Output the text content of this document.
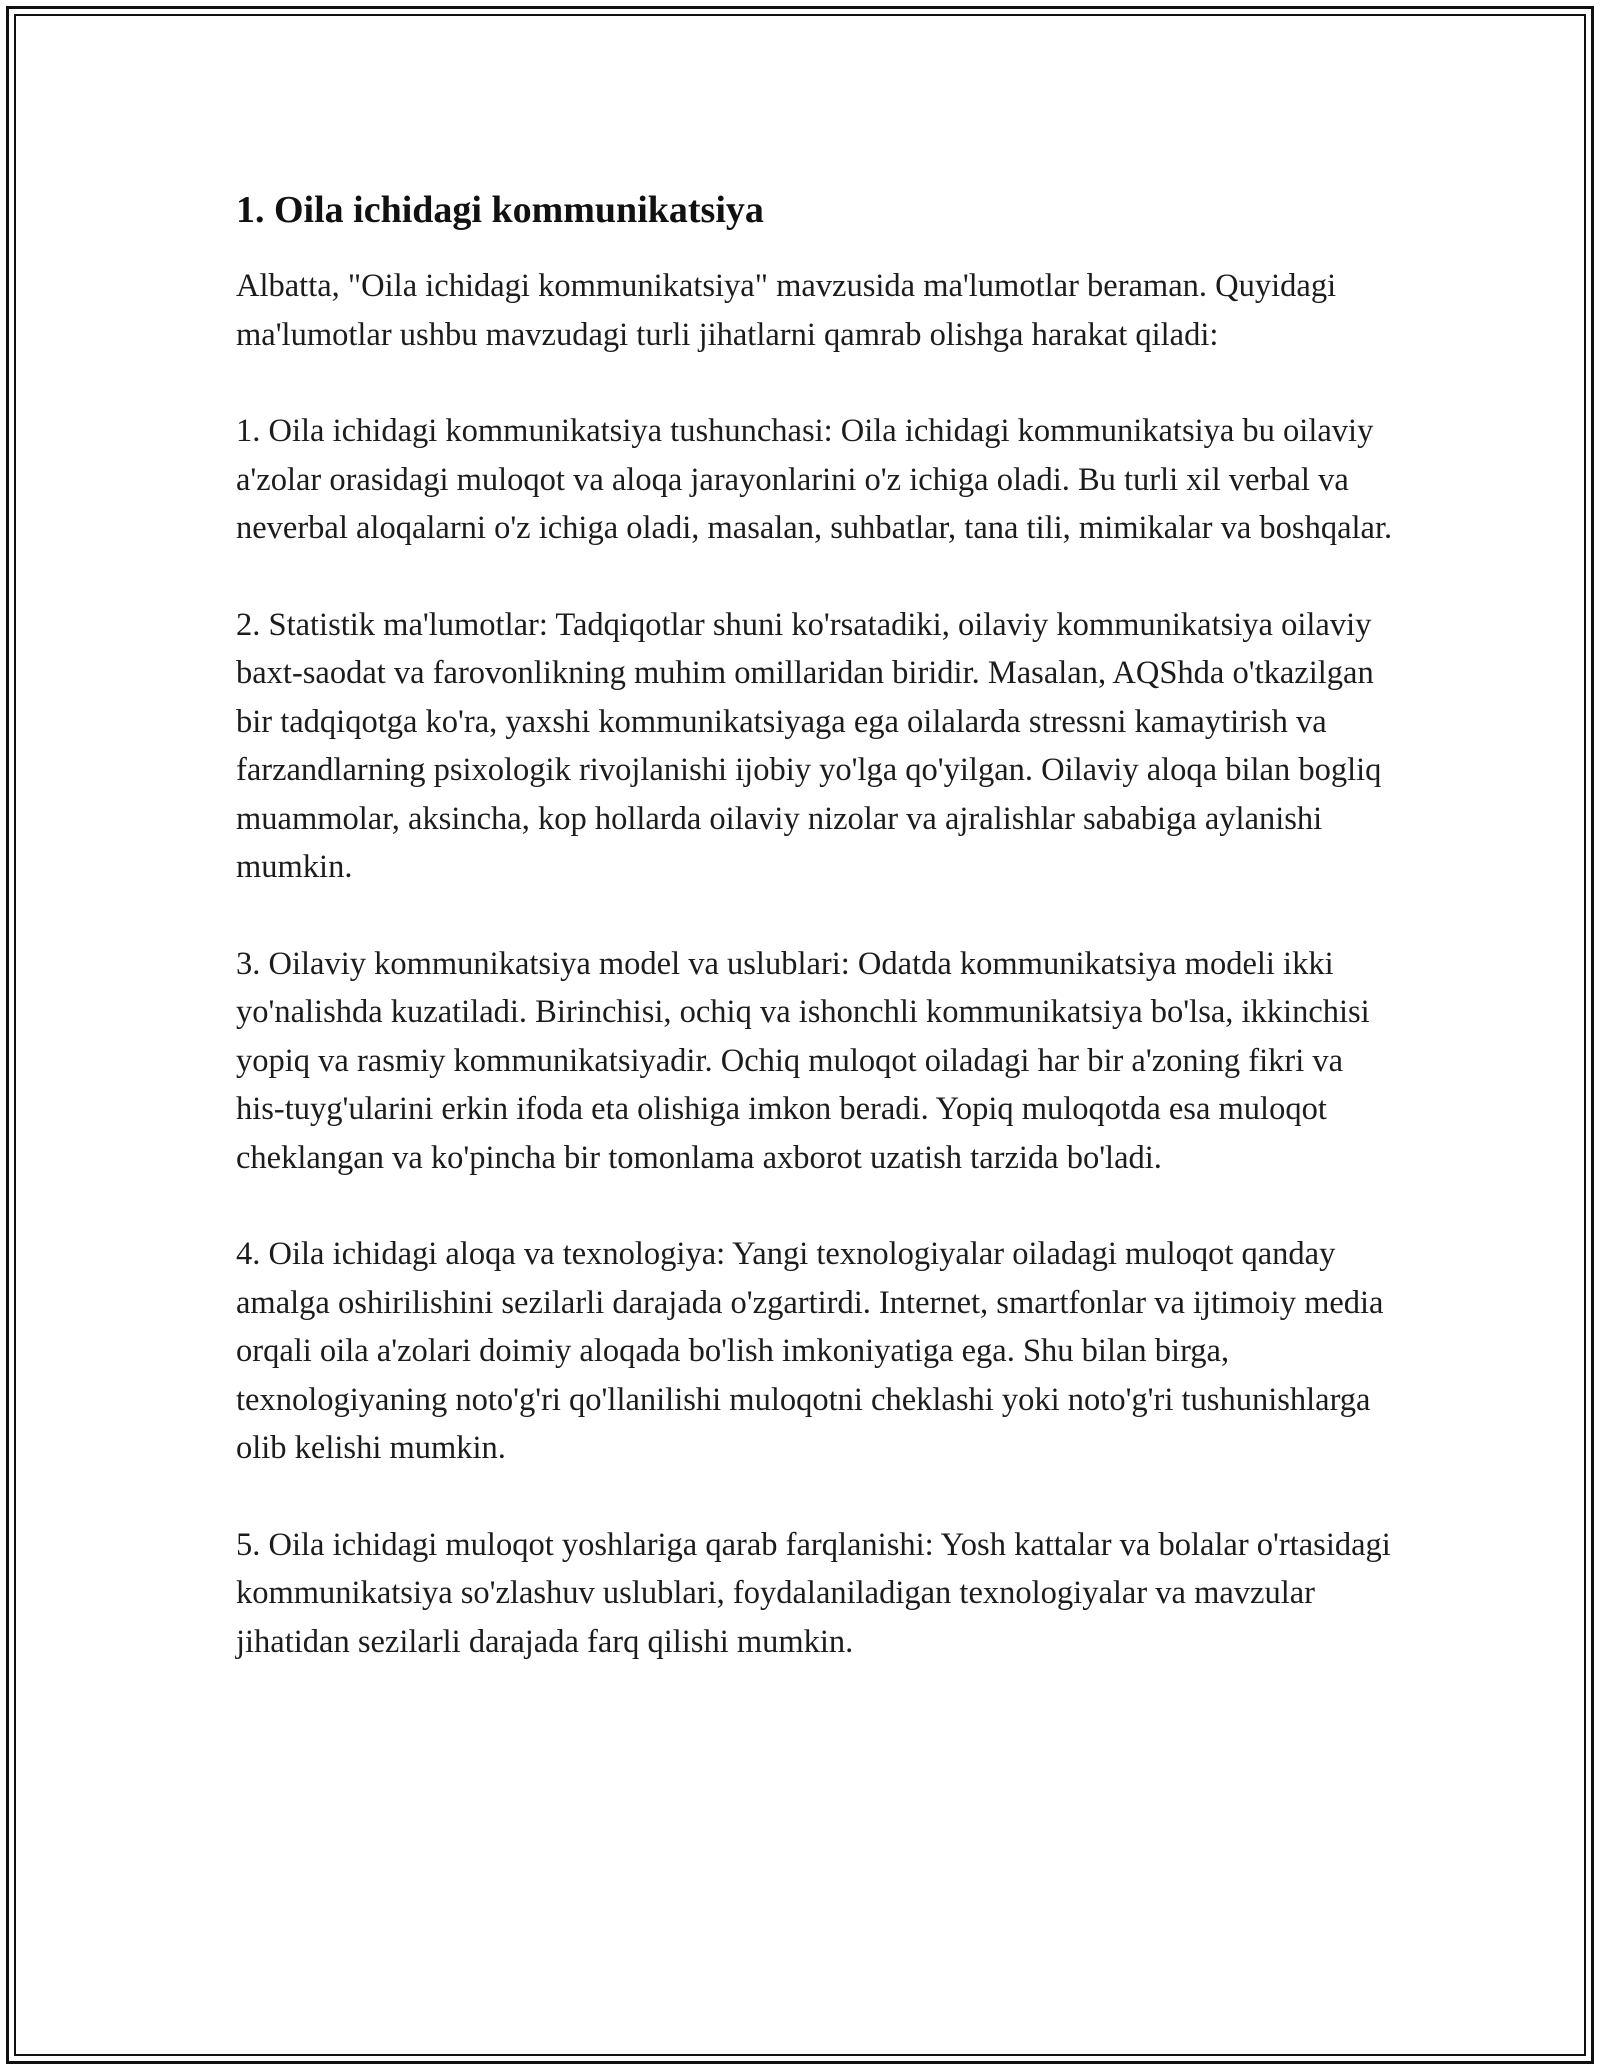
1. Oila ichidagi kommunikatsiya

Albatta, "Oila ichidagi kommunikatsiya" mavzusida ma'lumotlar beraman. Quyidagi ma'lumotlar ushbu mavzudagi turli jihatlarni qamrab olishga harakat qiladi:

1. Oila ichidagi kommunikatsiya tushunchasi: Oila ichidagi kommunikatsiya bu oilaviy a'zolar orasidagi muloqot va aloqa jarayonlarini o'z ichiga oladi. Bu turli xil verbal va neverbal aloqalarni o'z ichiga oladi, masalan, suhbatlar, tana tili, mimikalar va boshqalar.

2. Statistik ma'lumotlar: Tadqiqotlar shuni ko'rsatadiki, oilaviy kommunikatsiya oilaviy baxt-saodat va farovonlikning muhim omillaridan biridir. Masalan, AQShda o'tkazilgan bir tadqiqotga ko'ra, yaxshi kommunikatsiyaga ega oilalarda stressni kamaytirish va farzandlarning psixologik rivojlanishi ijobiy yo'lga qo'yilgan. Oilaviy aloqa bilan bogliq muammolar, aksincha, kop hollarda oilaviy nizolar va ajralishlar sababiga aylanishi mumkin.

3. Oilaviy kommunikatsiya model va uslublari: Odatda kommunikatsiya modeli ikki yo'nalishda kuzatiladi. Birinchisi, ochiq va ishonchli kommunikatsiya bo'lsa, ikkinchisi yopiq va rasmiy kommunikatsiyadir. Ochiq muloqot oiladagi har bir a'zoning fikri va his-tuyg'ularini erkin ifoda eta olishiga imkon beradi. Yopiq muloqotda esa muloqot cheklangan va ko'pincha bir tomonlama axborot uzatish tarzida bo'ladi.

4. Oila ichidagi aloqa va texnologiya: Yangi texnologiyalar oiladagi muloqot qanday amalga oshirilishini sezilarli darajada o'zgartirdi. Internet, smartfonlar va ijtimoiy media orqali oila a'zolari doimiy aloqada bo'lish imkoniyatiga ega. Shu bilan birga, texnologiyaning noto'g'ri qo'llanilishi muloqotni cheklashi yoki noto'g'ri tushunishlarga olib kelishi mumkin.

5. Oila ichidagi muloqot yoshlariga qarab farqlanishi: Yosh kattalar va bolalar o'rtasidagi kommunikatsiya so'zlashuv uslublari, foydalaniladigan texnologiyalar va mavzular jihatidan sezilarli darajada farq qilishi mumkin.
